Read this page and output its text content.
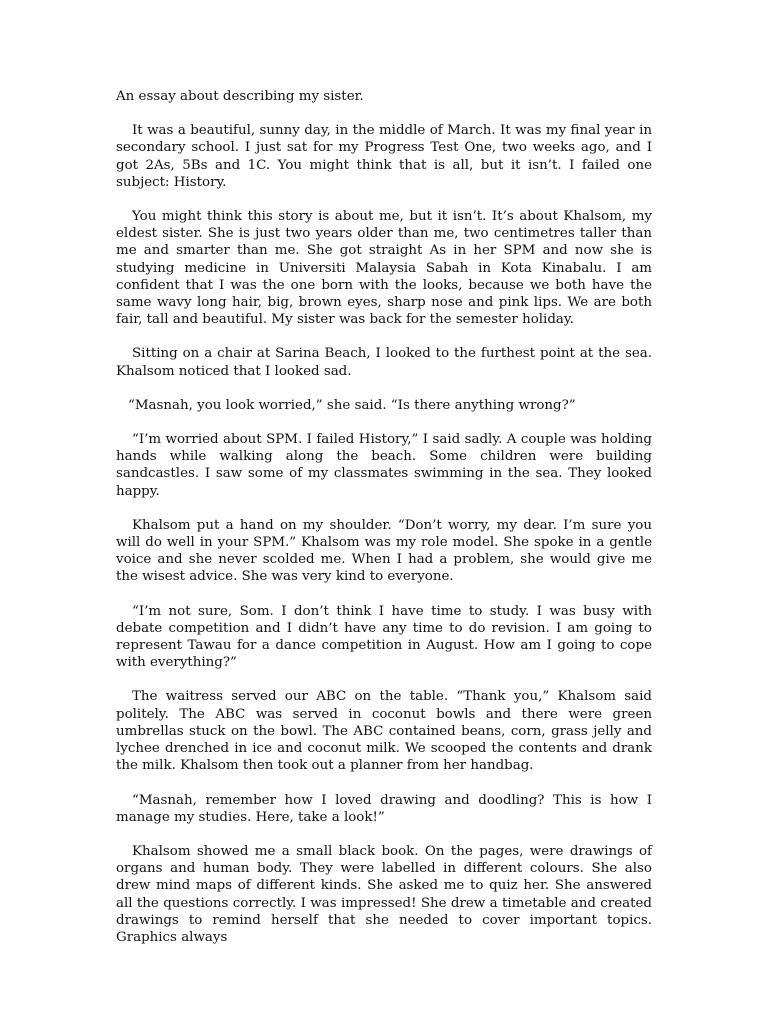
An essay about describing my sister.

It was a beautiful, sunny day, in the middle of March. It was my final year in secondary school. I just sat for my Progress Test One, two weeks ago, and I got 2As, 5Bs and 1C. You might think that is all, but it isn’t. I failed one subject: History.

You might think this story is about me, but it isn’t. It’s about Khalsom, my eldest sister. She is just two years older than me, two centimetres taller than me and smarter than me. She got straight As in her SPM and now she is studying medicine in Universiti Malaysia Sabah in Kota Kinabalu. I am confident that I was the one born with the looks, because we both have the same wavy long hair, big, brown eyes, sharp nose and pink lips. We are both fair, tall and beautiful. My sister was back for the semester holiday.

Sitting on a chair at Sarina Beach, I looked to the furthest point at the sea. Khalsom noticed that I looked sad.

“Masnah, you look worried,” she said. “Is there anything wrong?”

“I’m worried about SPM. I failed History,” I said sadly. A couple was holding hands while walking along the beach. Some children were building sandcastles. I saw some of my classmates swimming in the sea. They looked happy.

Khalsom put a hand on my shoulder. “Don’t worry, my dear. I’m sure you will do well in your SPM.” Khalsom was my role model. She spoke in a gentle voice and she never scolded me. When I had a problem, she would give me the wisest advice. She was very kind to everyone.

“I’m not sure, Som. I don’t think I have time to study. I was busy with debate competition and I didn’t have any time to do revision. I am going to represent Tawau for a dance competition in August. How am I going to cope with everything?”

The waitress served our ABC on the table. “Thank you,” Khalsom said politely. The ABC was served in coconut bowls and there were green umbrellas stuck on the bowl. The ABC contained beans, corn, grass jelly and lychee drenched in ice and coconut milk. We scooped the contents and drank the milk. Khalsom then took out a planner from her handbag.

“Masnah, remember how I loved drawing and doodling? This is how I manage my studies. Here, take a look!”

Khalsom showed me a small black book. On the pages, were drawings of organs and human body. They were labelled in different colours. She also drew mind maps of different kinds. She asked me to quiz her. She answered all the questions correctly. I was impressed! She drew a timetable and created drawings to remind herself that she needed to cover important topics. Graphics always
